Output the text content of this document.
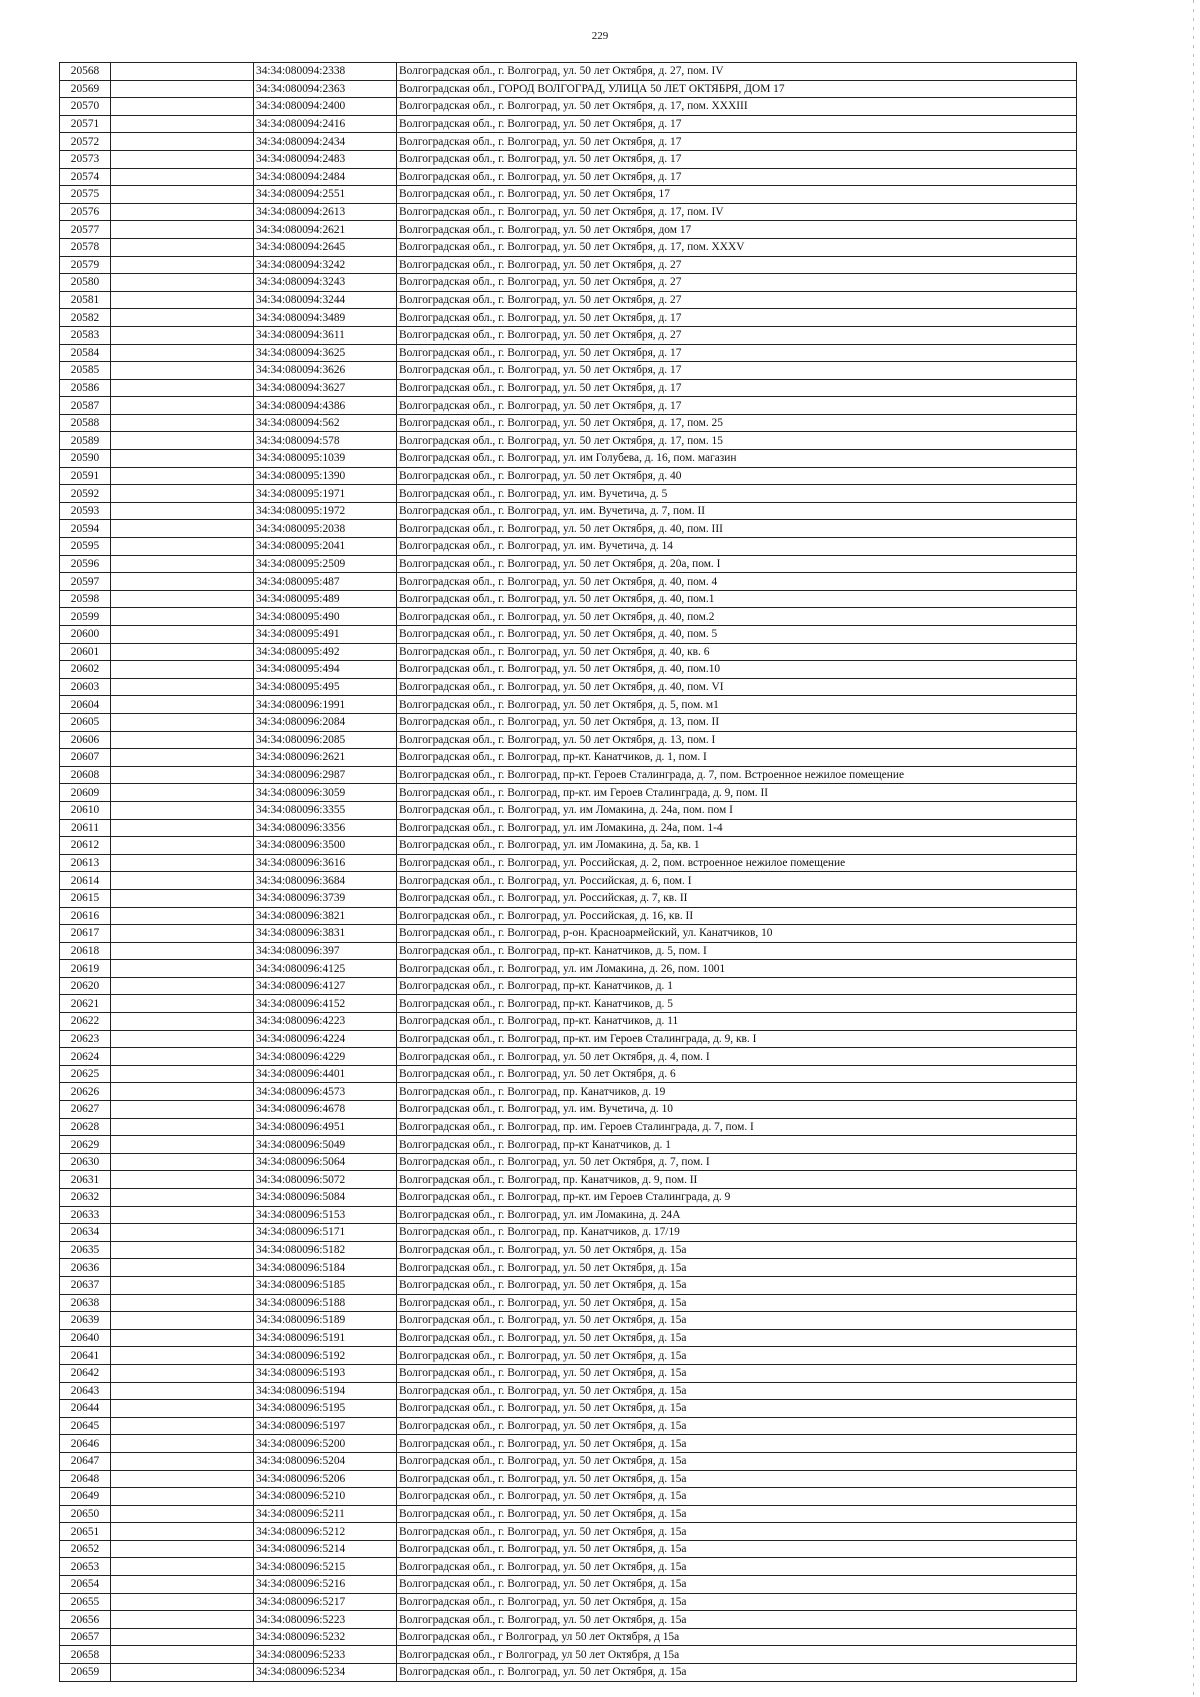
229
20568		34:34:080094:2338	Волгоградская обл., г. Волгоград, ул. 50 лет Октября, д. 27, пом. IV
20569		34:34:080094:2363	Волгоградская обл., ГОРОД ВОЛГОГРАД, УЛИЦА 50 ЛЕТ ОКТЯБРЯ, ДОМ 17
20570		34:34:080094:2400	Волгоградская обл., г. Волгоград, ул. 50 лет Октября, д. 17, пом. XXXIII
20571		34:34:080094:2416	Волгоградская обл., г. Волгоград, ул. 50 лет Октября, д. 17
20572		34:34:080094:2434	Волгоградская обл., г. Волгоград, ул. 50 лет Октября, д. 17
20573		34:34:080094:2483	Волгоградская обл., г. Волгоград, ул. 50 лет Октября, д. 17
20574		34:34:080094:2484	Волгоградская обл., г. Волгоград, ул. 50 лет Октября, д. 17
20575		34:34:080094:2551	Волгоградская обл., г. Волгоград, ул. 50 лет Октября, 17
20576		34:34:080094:2613	Волгоградская обл., г. Волгоград, ул. 50 лет Октября, д. 17, пом. IV
20577		34:34:080094:2621	Волгоградская обл., г. Волгоград, ул. 50 лет Октября, дом 17
20578		34:34:080094:2645	Волгоградская обл., г. Волгоград, ул. 50 лет Октября, д. 17, пом. XXXV
20579		34:34:080094:3242	Волгоградская обл., г. Волгоград, ул. 50 лет Октября, д. 27
20580		34:34:080094:3243	Волгоградская обл., г. Волгоград, ул. 50 лет Октября, д. 27
20581		34:34:080094:3244	Волгоградская обл., г. Волгоград, ул. 50 лет Октября, д. 27
20582		34:34:080094:3489	Волгоградская обл., г. Волгоград, ул. 50 лет Октября, д. 17
20583		34:34:080094:3611	Волгоградская обл., г. Волгоград, ул. 50 лет Октября, д. 27
20584		34:34:080094:3625	Волгоградская обл., г. Волгоград, ул. 50 лет Октября, д. 17
20585		34:34:080094:3626	Волгоградская обл., г. Волгоград, ул. 50 лет Октября, д. 17
20586		34:34:080094:3627	Волгоградская обл., г. Волгоград, ул. 50 лет Октября, д. 17
20587		34:34:080094:4386	Волгоградская обл., г. Волгоград, ул. 50 лет Октября, д. 17
20588		34:34:080094:562	Волгоградская обл., г. Волгоград, ул. 50 лет Октября, д. 17, пом. 25
20589		34:34:080094:578	Волгоградская обл., г. Волгоград, ул. 50 лет Октября, д. 17, пом. 15
20590		34:34:080095:1039	Волгоградская обл., г. Волгоград, ул. им Голубева, д. 16, пом. магазин
20591		34:34:080095:1390	Волгоградская обл., г. Волгоград, ул. 50 лет Октября, д. 40
20592		34:34:080095:1971	Волгоградская обл., г. Волгоград, ул. им. Вучетича, д. 5
20593		34:34:080095:1972	Волгоградская обл., г. Волгоград, ул. им. Вучетича, д. 7, пом. II
20594		34:34:080095:2038	Волгоградская обл., г. Волгоград, ул. 50 лет Октября, д. 40, пом. III
20595		34:34:080095:2041	Волгоградская обл., г. Волгоград, ул. им. Вучетича, д. 14
20596		34:34:080095:2509	Волгоградская обл., г. Волгоград, ул. 50 лет Октября, д. 20а, пом. I
20597		34:34:080095:487	Волгоградская обл., г. Волгоград, ул. 50 лет Октября, д. 40, пом. 4
20598		34:34:080095:489	Волгоградская обл., г. Волгоград, ул. 50 лет Октября, д. 40, пом.1
20599		34:34:080095:490	Волгоградская обл., г. Волгоград, ул. 50 лет Октября, д. 40, пом.2
20600		34:34:080095:491	Волгоградская обл., г. Волгоград, ул. 50 лет Октября, д. 40, пом. 5
20601		34:34:080095:492	Волгоградская обл., г. Волгоград, ул. 50 лет Октября, д. 40, кв. 6
20602		34:34:080095:494	Волгоградская обл., г. Волгоград, ул. 50 лет Октября, д. 40, пом.10
20603		34:34:080095:495	Волгоградская обл., г. Волгоград, ул. 50 лет Октября, д. 40, пом. VI
20604		34:34:080096:1991	Волгоградская обл., г. Волгоград, ул. 50 лет Октября, д. 5, пом. м1
20605		34:34:080096:2084	Волгоградская обл., г. Волгоград, ул. 50 лет Октября, д. 13, пом. II
20606		34:34:080096:2085	Волгоградская обл., г. Волгоград, ул. 50 лет Октября, д. 13, пом. I
20607		34:34:080096:2621	Волгоградская обл., г. Волгоград, пр-кт. Канатчиков, д. 1, пом. I
20608		34:34:080096:2987	Волгоградская обл., г. Волгоград, пр-кт. Героев Сталинграда, д. 7, пом. Встроенное нежилое помещение
20609		34:34:080096:3059	Волгоградская обл., г. Волгоград, пр-кт. им Героев Сталинграда, д. 9, пом. II
20610		34:34:080096:3355	Волгоградская обл., г. Волгоград, ул. им Ломакина, д. 24а, пом. пом I
20611		34:34:080096:3356	Волгоградская обл., г. Волгоград, ул. им Ломакина, д. 24а, пом. 1-4
20612		34:34:080096:3500	Волгоградская обл., г. Волгоград, ул. им Ломакина, д. 5а, кв. 1
20613		34:34:080096:3616	Волгоградская обл., г. Волгоград, ул. Российская, д. 2, пом. встроенное нежилое помещение
20614		34:34:080096:3684	Волгоградская обл., г. Волгоград, ул. Российская, д. 6, пом. I
20615		34:34:080096:3739	Волгоградская обл., г. Волгоград, ул. Российская, д. 7, кв. II
20616		34:34:080096:3821	Волгоградская обл., г. Волгоград, ул. Российская, д. 16, кв. II
20617		34:34:080096:3831	Волгоградская обл., г. Волгоград, р-он. Красноармейский, ул. Канатчиков, 10
20618		34:34:080096:397	Волгоградская обл., г. Волгоград, пр-кт. Канатчиков, д. 5, пом. I
20619		34:34:080096:4125	Волгоградская обл., г. Волгоград, ул. им Ломакина, д. 26, пом. 1001
20620		34:34:080096:4127	Волгоградская обл., г. Волгоград, пр-кт. Канатчиков, д. 1
20621		34:34:080096:4152	Волгоградская обл., г. Волгоград, пр-кт. Канатчиков, д. 5
20622		34:34:080096:4223	Волгоградская обл., г. Волгоград, пр-кт. Канатчиков, д. 11
20623		34:34:080096:4224	Волгоградская обл., г. Волгоград, пр-кт. им Героев Сталинграда, д. 9, кв. I
20624		34:34:080096:4229	Волгоградская обл., г. Волгоград, ул. 50 лет Октября, д. 4, пом. I
20625		34:34:080096:4401	Волгоградская обл., г. Волгоград, ул. 50 лет Октября, д. 6
20626		34:34:080096:4573	Волгоградская обл., г. Волгоград, пр. Канатчиков, д. 19
20627		34:34:080096:4678	Волгоградская обл., г. Волгоград, ул. им. Вучетича, д. 10
20628		34:34:080096:4951	Волгоградская обл., г. Волгоград, пр. им. Героев Сталинграда, д. 7, пом. I
20629		34:34:080096:5049	Волгоградская обл., г. Волгоград, пр-кт Канатчиков, д. 1
20630		34:34:080096:5064	Волгоградская обл., г. Волгоград, ул. 50 лет Октября, д. 7, пом. I
20631		34:34:080096:5072	Волгоградская обл., г. Волгоград, пр. Канатчиков, д. 9, пом. II
20632		34:34:080096:5084	Волгоградская обл., г. Волгоград, пр-кт. им Героев Сталинграда, д. 9
20633		34:34:080096:5153	Волгоградская обл., г. Волгоград, ул. им Ломакина, д. 24А
20634		34:34:080096:5171	Волгоградская обл., г. Волгоград, пр. Канатчиков, д. 17/19
20635		34:34:080096:5182	Волгоградская обл., г. Волгоград, ул. 50 лет Октября, д. 15а
20636		34:34:080096:5184	Волгоградская обл., г. Волгоград, ул. 50 лет Октября, д. 15а
20637		34:34:080096:5185	Волгоградская обл., г. Волгоград, ул. 50 лет Октября, д. 15а
20638		34:34:080096:5188	Волгоградская обл., г. Волгоград, ул. 50 лет Октября, д. 15а
20639		34:34:080096:5189	Волгоградская обл., г. Волгоград, ул. 50 лет Октября, д. 15а
20640		34:34:080096:5191	Волгоградская обл., г. Волгоград, ул. 50 лет Октября, д. 15а
20641		34:34:080096:5192	Волгоградская обл., г. Волгоград, ул. 50 лет Октября, д. 15а
20642		34:34:080096:5193	Волгоградская обл., г. Волгоград, ул. 50 лет Октября, д. 15а
20643		34:34:080096:5194	Волгоградская обл., г. Волгоград, ул. 50 лет Октября, д. 15а
20644		34:34:080096:5195	Волгоградская обл., г. Волгоград, ул. 50 лет Октября, д. 15а
20645		34:34:080096:5197	Волгоградская обл., г. Волгоград, ул. 50 лет Октября, д. 15а
20646		34:34:080096:5200	Волгоградская обл., г. Волгоград, ул. 50 лет Октября, д. 15а
20647		34:34:080096:5204	Волгоградская обл., г. Волгоград, ул. 50 лет Октября, д. 15а
20648		34:34:080096:5206	Волгоградская обл., г. Волгоград, ул. 50 лет Октября, д. 15а
20649		34:34:080096:5210	Волгоградская обл., г. Волгоград, ул. 50 лет Октября, д. 15а
20650		34:34:080096:5211	Волгоградская обл., г. Волгоград, ул. 50 лет Октября, д. 15а
20651		34:34:080096:5212	Волгоградская обл., г. Волгоград, ул. 50 лет Октября, д. 15а
20652		34:34:080096:5214	Волгоградская обл., г. Волгоград, ул. 50 лет Октября, д. 15а
20653		34:34:080096:5215	Волгоградская обл., г. Волгоград, ул. 50 лет Октября, д. 15а
20654		34:34:080096:5216	Волгоградская обл., г. Волгоград, ул. 50 лет Октября, д. 15а
20655		34:34:080096:5217	Волгоградская обл., г. Волгоград, ул. 50 лет Октября, д. 15а
20656		34:34:080096:5223	Волгоградская обл., г. Волгоград, ул. 50 лет Октября, д. 15а
20657		34:34:080096:5232	Волгоградская обл., г Волгоград, ул 50 лет Октября, д 15а
20658		34:34:080096:5233	Волгоградская обл., г Волгоград, ул 50 лет Октября, д 15а
20659		34:34:080096:5234	Волгоградская обл., г. Волгоград, ул. 50 лет Октября, д. 15а
